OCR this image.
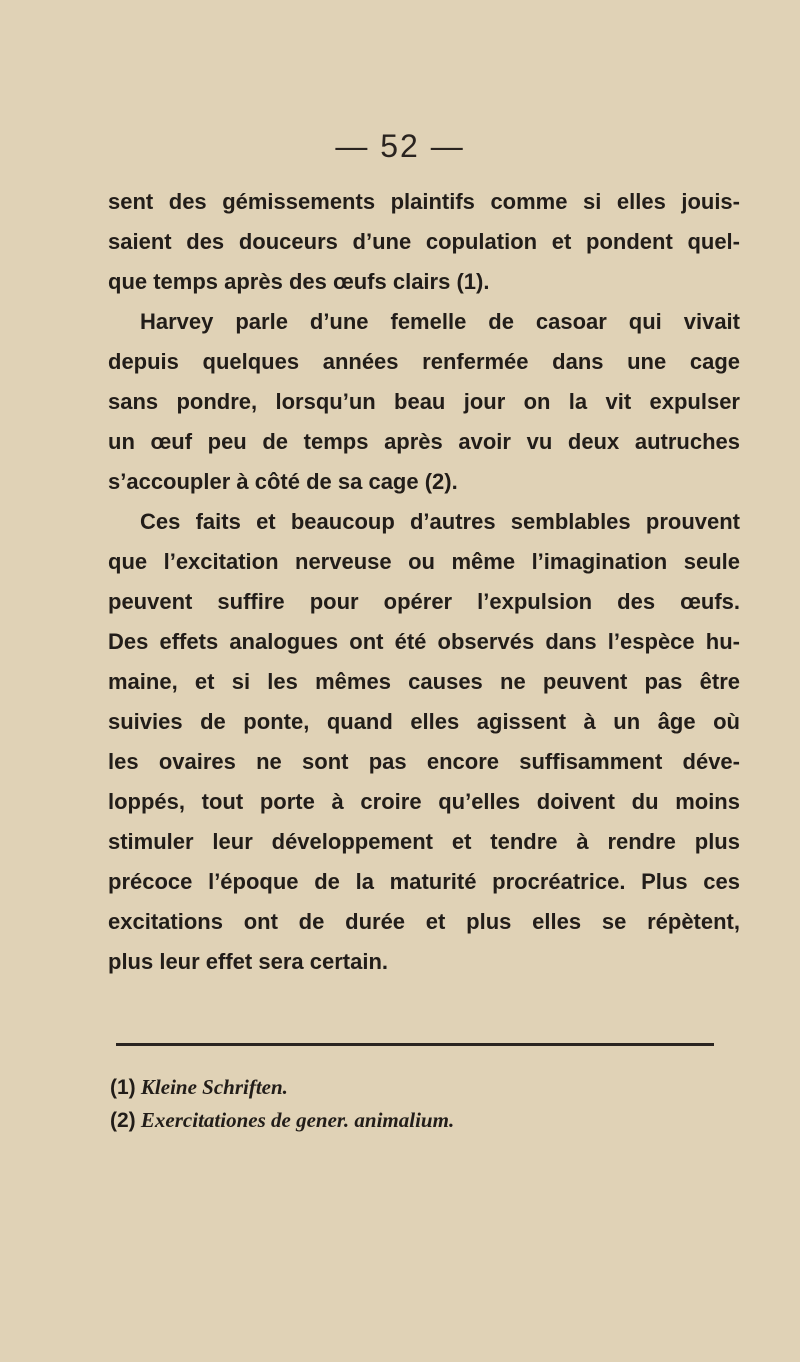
— 52 —
sent des gémissements plaintifs comme si elles jouis-
saient des douceurs d’une copulation et pondent quel-
que temps après des œufs clairs (1).
Harvey parle d’une femelle de casoar qui vivait
depuis quelques années renfermée dans une cage
sans pondre, lorsqu’un beau jour on la vit expulser
un œuf peu de temps après avoir vu deux autruches
s’accoupler à côté de sa cage (2).
Ces faits et beaucoup d’autres semblables prouvent
que l’excitation nerveuse ou même l’imagination seule
peuvent suffire pour opérer l’expulsion des œufs.
Des effets analogues ont été observés dans l’espèce hu-
maine, et si les mêmes causes ne peuvent pas être
suivies de ponte, quand elles agissent à un âge où
les ovaires ne sont pas encore suffisamment déve-
loppés, tout porte à croire qu’elles doivent du moins
stimuler leur développement et tendre à rendre plus
précoce l’époque de la maturité procréatrice. Plus ces
excitations ont de durée et plus elles se répètent,
plus leur effet sera certain.
(1) Kleine Schriften.
(2) Exercitationes de gener. animalium.
